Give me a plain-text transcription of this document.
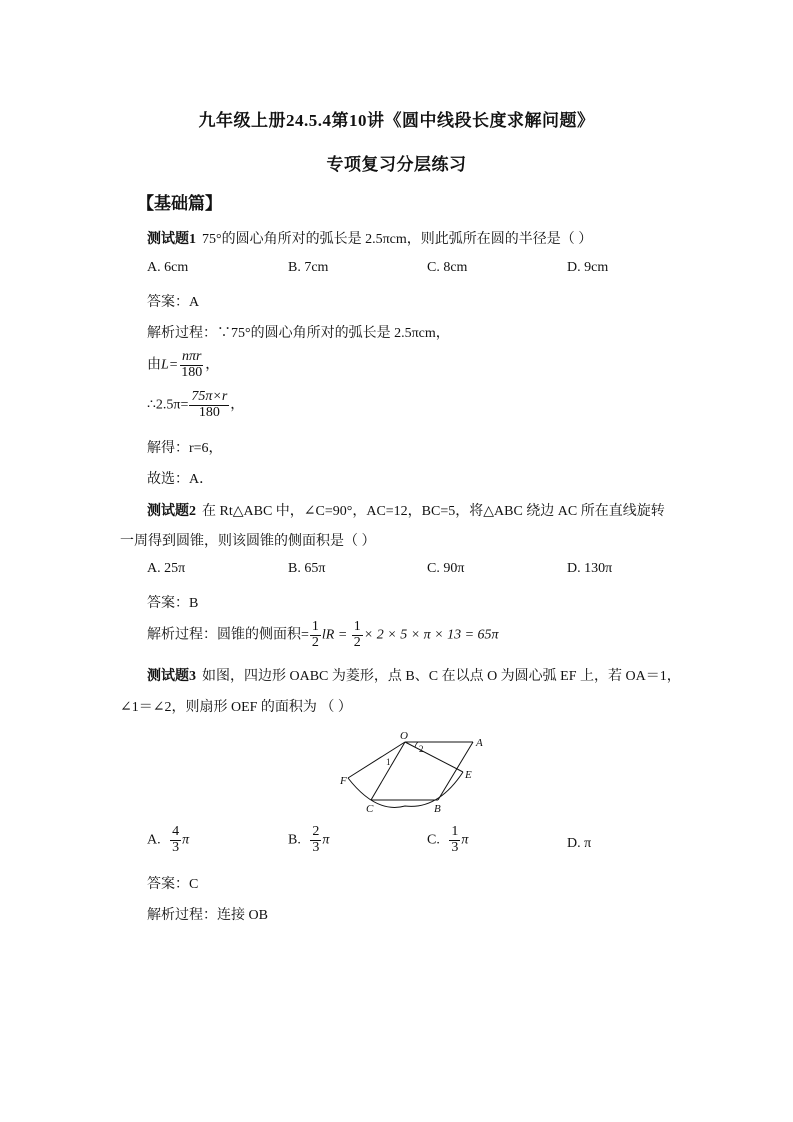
九年级上册24.5.4第10讲《圆中线段长度求解问题》
专项复习分层练习
【基础篇】
测试题1 75°的圆心角所对的弧长是 2.5πcm，则此弧所在圆的半径是（ ）
A. 6cm	B. 7cm	C. 8cm	D. 9cm
答案：A
解析过程：∵75°的圆心角所对的弧长是 2.5πcm，
由$L= \frac{\text{nπr}}{180}$ ，
∴2.5π= $\frac{75\pi\times r}{180}$ ，
解得：r=6，
故选：A．
测试题2 在 Rt△ABC 中，∠C=90°，AC=12，BC=5，将△ABC 绕边 AC 所在直线旋转
一周得到圆锥，则该圆锥的侧面积是（ ）
A. 25π	B. 65π	C. 90π	D. 130π
答案：B
解析过程：圆锥的侧面积= $\frac{1}{2}$ lR = $\frac{1}{2} \times 2 \times 5 \times \pi \times 13 = 65\pi$
测试题3 如图，四边形 OABC 为菱形，点 B、C 在以点 O 为圆心弧 EF 上，若 OA＝1，
∠1＝∠2，则扇形 OEF 的面积为 （ ）
O
A
E
B
C
F
1
2
A. $\frac{4}{3}$ π	B. $\frac{2}{3}$ π	C. $\frac{1}{3}$ π	D. π
答案：C
解析过程：连接 OB
